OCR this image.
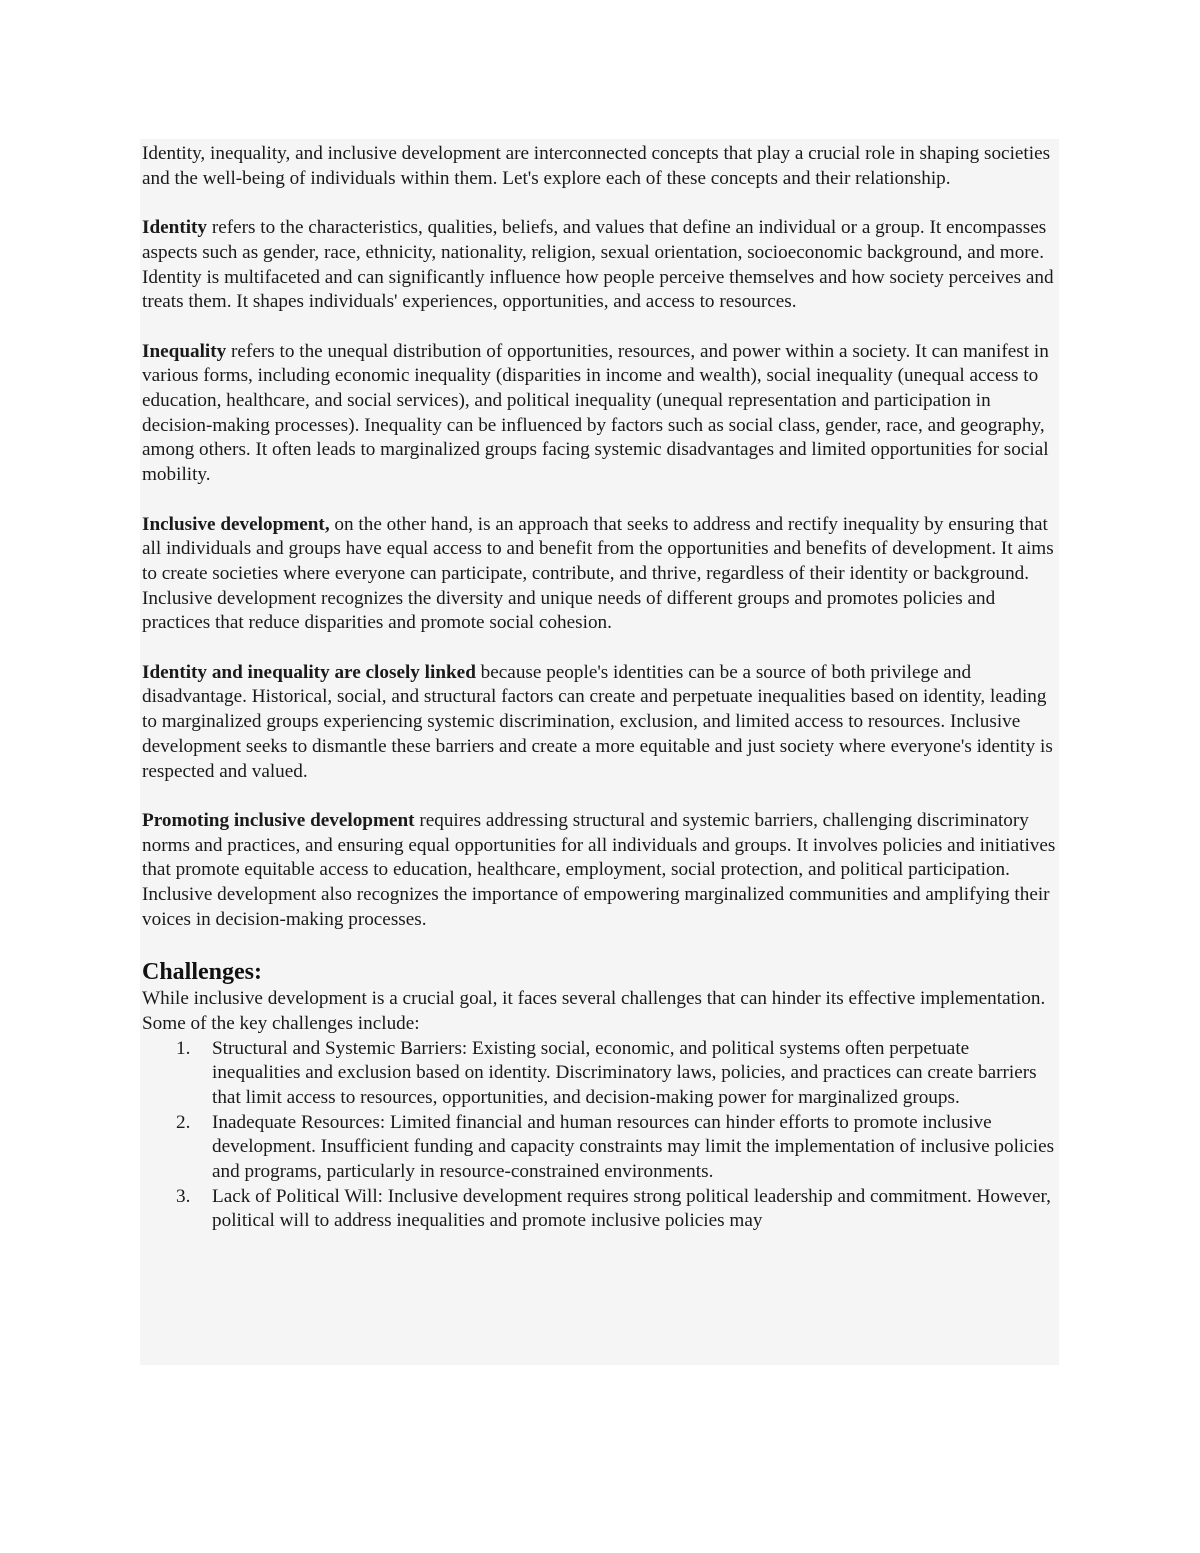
Identity, inequality, and inclusive development are interconnected concepts that play a crucial role in shaping societies and the well-being of individuals within them. Let's explore each of these concepts and their relationship.

Identity refers to the characteristics, qualities, beliefs, and values that define an individual or a group. It encompasses aspects such as gender, race, ethnicity, nationality, religion, sexual orientation, socioeconomic background, and more. Identity is multifaceted and can significantly influence how people perceive themselves and how society perceives and treats them. It shapes individuals' experiences, opportunities, and access to resources.

Inequality refers to the unequal distribution of opportunities, resources, and power within a society. It can manifest in various forms, including economic inequality (disparities in income and wealth), social inequality (unequal access to education, healthcare, and social services), and political inequality (unequal representation and participation in decision-making processes). Inequality can be influenced by factors such as social class, gender, race, and geography, among others. It often leads to marginalized groups facing systemic disadvantages and limited opportunities for social mobility.

Inclusive development, on the other hand, is an approach that seeks to address and rectify inequality by ensuring that all individuals and groups have equal access to and benefit from the opportunities and benefits of development. It aims to create societies where everyone can participate, contribute, and thrive, regardless of their identity or background. Inclusive development recognizes the diversity and unique needs of different groups and promotes policies and practices that reduce disparities and promote social cohesion.

Identity and inequality are closely linked because people's identities can be a source of both privilege and disadvantage. Historical, social, and structural factors can create and perpetuate inequalities based on identity, leading to marginalized groups experiencing systemic discrimination, exclusion, and limited access to resources. Inclusive development seeks to dismantle these barriers and create a more equitable and just society where everyone's identity is respected and valued.

Promoting inclusive development requires addressing structural and systemic barriers, challenging discriminatory norms and practices, and ensuring equal opportunities for all individuals and groups. It involves policies and initiatives that promote equitable access to education, healthcare, employment, social protection, and political participation. Inclusive development also recognizes the importance of empowering marginalized communities and amplifying their voices in decision-making processes.

Challenges:

While inclusive development is a crucial goal, it faces several challenges that can hinder its effective implementation. Some of the key challenges include:

1. Structural and Systemic Barriers: Existing social, economic, and political systems often perpetuate inequalities and exclusion based on identity. Discriminatory laws, policies, and practices can create barriers that limit access to resources, opportunities, and decision-making power for marginalized groups.
2. Inadequate Resources: Limited financial and human resources can hinder efforts to promote inclusive development. Insufficient funding and capacity constraints may limit the implementation of inclusive policies and programs, particularly in resource-constrained environments.
3. Lack of Political Will: Inclusive development requires strong political leadership and commitment. However, political will to address inequalities and promote inclusive policies may
